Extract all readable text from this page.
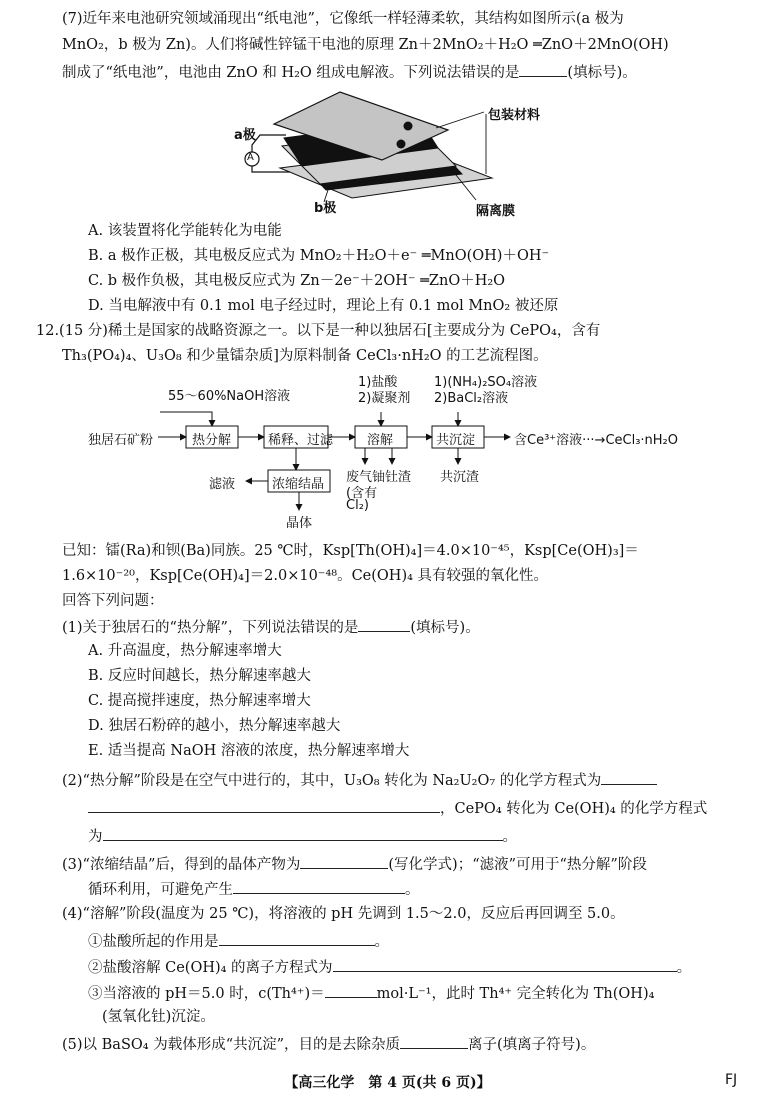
(7)近年来电池研究领域涌现出“纸电池”，它像纸一样轻薄柔软，其结构如图所示(a 极为
MnO₂，b 极为 Zn)。人们将碱性锌锰干电池的原理 Zn＋2MnO₂＋H₂O ═ZnO＋2MnO(OH)
制成了“纸电池”，电池由 ZnO 和 H₂O 组成电解液。下列说法错误的是	(填标号)。
a极
A
包装材料
隔离膜
b极
A. 该装置将化学能转化为电能
B. a 极作正极，其电极反应式为 MnO₂＋H₂O＋e⁻ ═MnO(OH)＋OH⁻
C. b 极作负极，其电极反应式为 Zn－2e⁻＋2OH⁻ ═ZnO＋H₂O
D. 当电解液中有 0.1 mol 电子经过时，理论上有 0.1 mol MnO₂ 被还原
12.(15 分)稀土是国家的战略资源之一。以下是一种以独居石[主要成分为 CePO₄，含有
Th₃(PO₄)₄、U₃O₈ 和少量镭杂质]为原料制备 CeCl₃·nH₂O 的工艺流程图。
55～60%NaOH溶液
1)盐酸
2)凝聚剂
1)(NH₄)₂SO₄溶液
2)BaCl₂溶液
独居石矿粉	热分解	稀释、过滤	溶解	共沉淀	含Ce³⁺溶液···→CeCl₃·nH₂O
浓缩结晶
滤液
晶体
废气
(含有
Cl₂)
铀钍渣 共沉渣
已知：镭(Ra)和钡(Ba)同族。25 ℃时，Ksp[Th(OH)₄]＝4.0×10⁻⁴⁵，Ksp[Ce(OH)₃]＝
1.6×10⁻²⁰，Ksp[Ce(OH)₄]＝2.0×10⁻⁴⁸。Ce(OH)₄ 具有较强的氧化性。
回答下列问题：
(1)关于独居石的“热分解”，下列说法错误的是	(填标号)。
A. 升高温度，热分解速率增大
B. 反应时间越长，热分解速率越大
C. 提高搅拌速度，热分解速率增大
D. 独居石粉碎的越小，热分解速率越大
E. 适当提高 NaOH 溶液的浓度，热分解速率增大
(2)“热分解”阶段是在空气中进行的，其中，U₃O₈ 转化为 Na₂U₂O₇ 的化学方程式为
，CePO₄ 转化为 Ce(OH)₄ 的化学方程式
为	。
(3)“浓缩结晶”后，得到的晶体产物为	(写化学式)；“滤液”可用于“热分解”阶段
循环利用，可避免产生	。
(4)“溶解”阶段(温度为 25 ℃)，将溶液的 pH 先调到 1.5～2.0，反应后再回调至 5.0。
①盐酸所起的作用是	。
②盐酸溶解 Ce(OH)₄ 的离子方程式为	。
③当溶液的 pH＝5.0 时，c(Th⁴⁺)＝	mol·L⁻¹，此时 Th⁴⁺ 完全转化为 Th(OH)₄
(氢氧化钍)沉淀。
(5)以 BaSO₄ 为载体形成“共沉淀”，目的是去除杂质	离子(填离子符号)。
【高三化学　第 4 页(共 6 页)】	FJ
